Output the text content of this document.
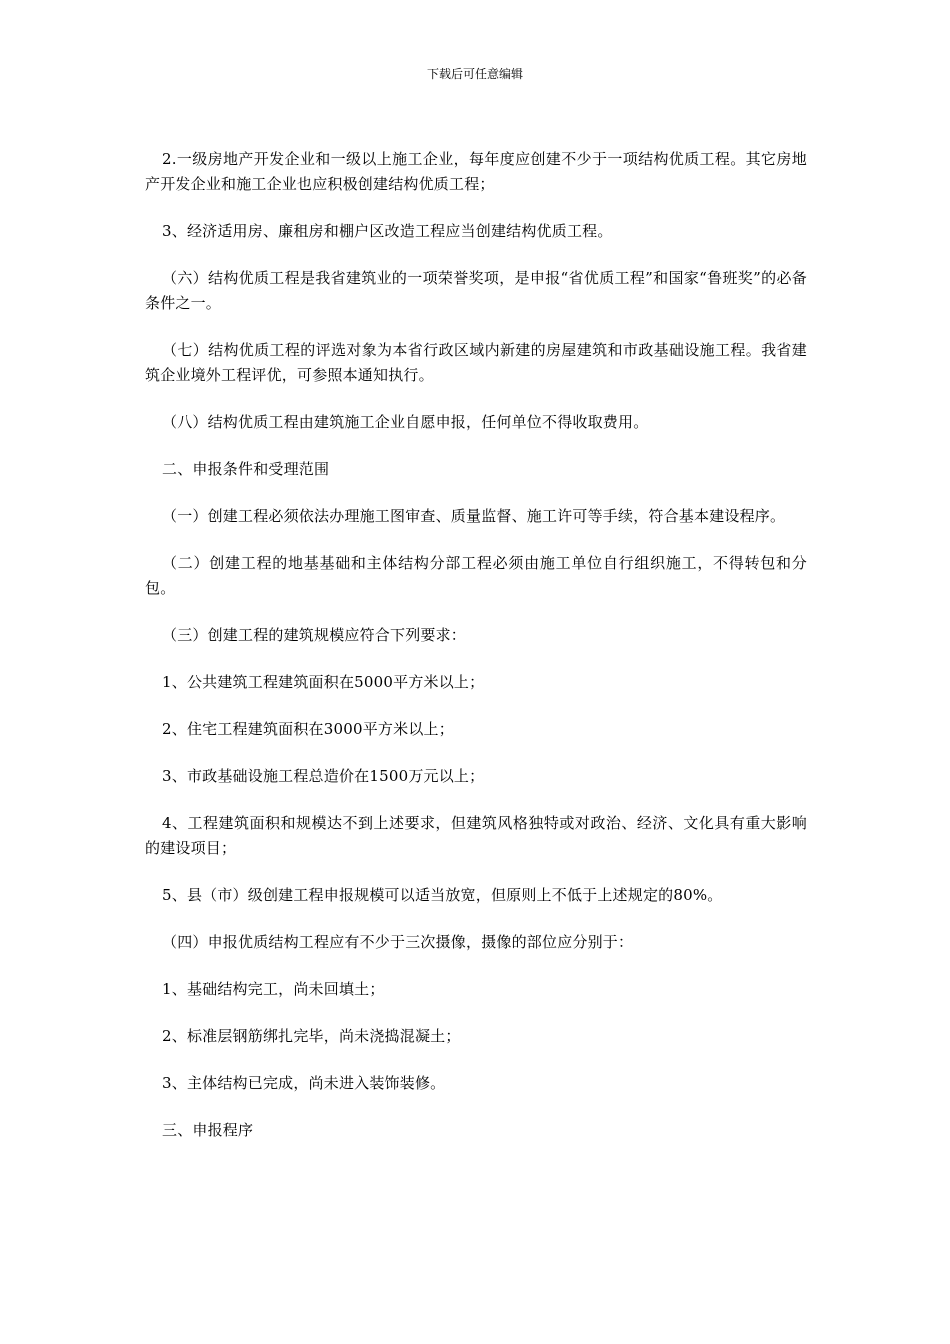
下载后可任意编辑

2.一级房地产开发企业和一级以上施工企业，每年度应创建不少于一项结构优质工程。其它房地产开发企业和施工企业也应积极创建结构优质工程；

3、经济适用房、廉租房和棚户区改造工程应当创建结构优质工程。

（六）结构优质工程是我省建筑业的一项荣誉奖项，是申报“省优质工程”和国家“鲁班奖”的必备条件之一。

（七）结构优质工程的评选对象为本省行政区域内新建的房屋建筑和市政基础设施工程。我省建筑企业境外工程评优，可参照本通知执行。

（八）结构优质工程由建筑施工企业自愿申报，任何单位不得收取费用。

二、申报条件和受理范围

（一）创建工程必须依法办理施工图审查、质量监督、施工许可等手续，符合基本建设程序。

（二）创建工程的地基基础和主体结构分部工程必须由施工单位自行组织施工，不得转包和分包。

（三）创建工程的建筑规模应符合下列要求：

1、公共建筑工程建筑面积在5000平方米以上；

2、住宅工程建筑面积在3000平方米以上；

3、市政基础设施工程总造价在1500万元以上；

4、工程建筑面积和规模达不到上述要求，但建筑风格独特或对政治、经济、文化具有重大影响的建设项目；

5、县（市）级创建工程申报规模可以适当放宽，但原则上不低于上述规定的80%。

（四）申报优质结构工程应有不少于三次摄像，摄像的部位应分别于：

1、基础结构完工，尚未回填土；

2、标准层钢筋绑扎完毕，尚未浇捣混凝土；

3、主体结构已完成，尚未进入装饰装修。

三、申报程序
